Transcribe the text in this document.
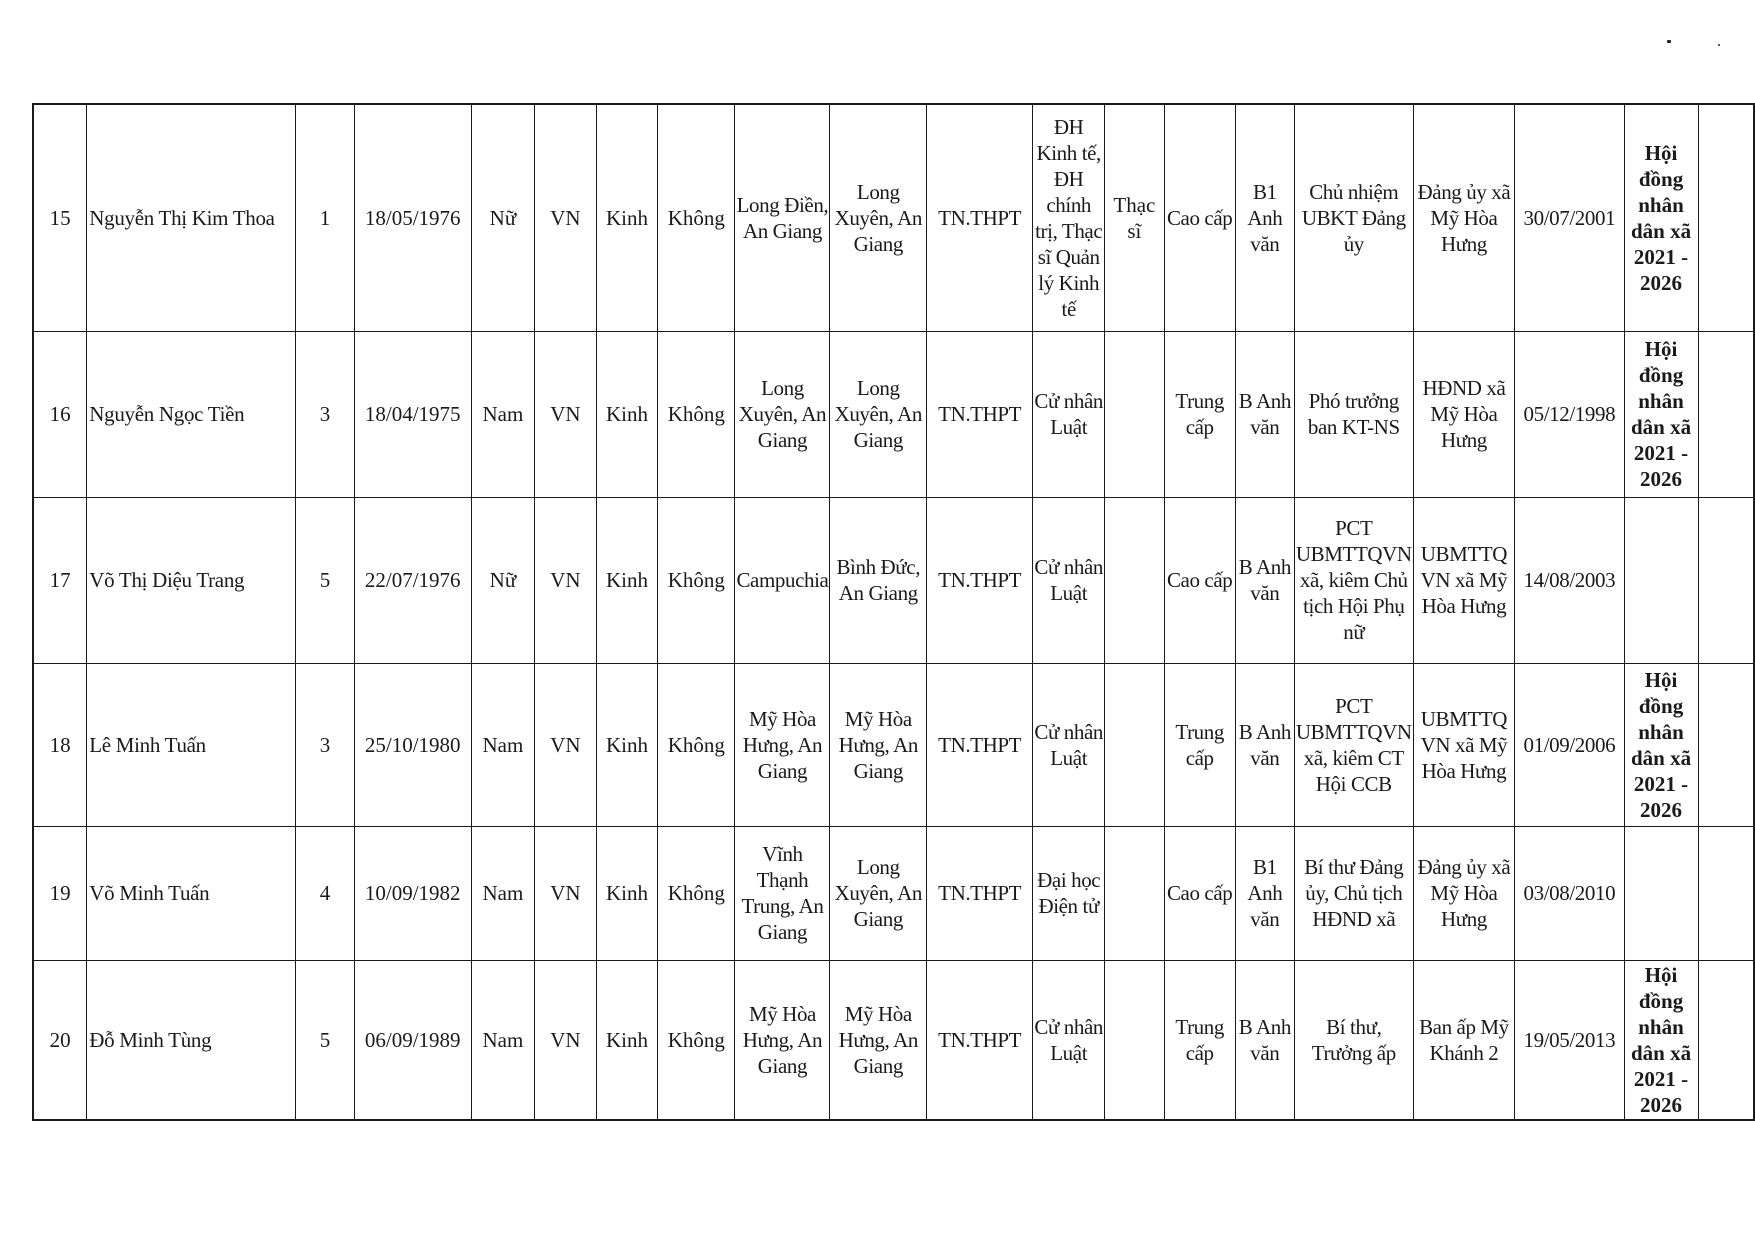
15	Nguyễn Thị Kim Thoa	1	18/05/1976	Nữ	VN	Kinh	Không	Long Điền, An Giang	Long Xuyên, An Giang	TN.THPT	ĐH Kinh tế, ĐH chính trị, Thạc sĩ Quản lý Kinh tế	Thạc sĩ	Cao cấp	B1 Anh văn	Chủ nhiệm UBKT Đảng ủy	Đảng ủy xã Mỹ Hòa Hưng	30/07/2001	Hội đồng nhân dân xã 2021 - 2026	
16	Nguyễn Ngọc Tiền	3	18/04/1975	Nam	VN	Kinh	Không	Long Xuyên, An Giang	Long Xuyên, An Giang	TN.THPT	Cử nhân Luật		Trung cấp	B Anh văn	Phó trưởng ban KT-NS	HĐND xã Mỹ Hòa Hưng	05/12/1998	Hội đồng nhân dân xã 2021 - 2026	
17	Võ Thị Diệu Trang	5	22/07/1976	Nữ	VN	Kinh	Không	Campuchia	Bình Đức, An Giang	TN.THPT	Cử nhân Luật		Cao cấp	B Anh văn	PCT UBMTTQVN xã, kiêm Chủ tịch Hội Phụ nữ	UBMTTQ VN xã Mỹ Hòa Hưng	14/08/2003		
18	Lê Minh Tuấn	3	25/10/1980	Nam	VN	Kinh	Không	Mỹ Hòa Hưng, An Giang	Mỹ Hòa Hưng, An Giang	TN.THPT	Cử nhân Luật		Trung cấp	B Anh văn	PCT UBMTTQVN xã, kiêm CT Hội CCB	UBMTTQ VN xã Mỹ Hòa Hưng	01/09/2006	Hội đồng nhân dân xã 2021 - 2026	
19	Võ Minh Tuấn	4	10/09/1982	Nam	VN	Kinh	Không	Vĩnh Thạnh Trung, An Giang	Long Xuyên, An Giang	TN.THPT	Đại học Điện tử		Cao cấp	B1 Anh văn	Bí thư Đảng ủy, Chủ tịch HĐND xã	Đảng ủy xã Mỹ Hòa Hưng	03/08/2010		
20	Đỗ Minh Tùng	5	06/09/1989	Nam	VN	Kinh	Không	Mỹ Hòa Hưng, An Giang	Mỹ Hòa Hưng, An Giang	TN.THPT	Cử nhân Luật		Trung cấp	B Anh văn	Bí thư, Trưởng ấp	Ban ấp Mỹ Khánh 2	19/05/2013	Hội đồng nhân dân xã 2021 - 2026	
